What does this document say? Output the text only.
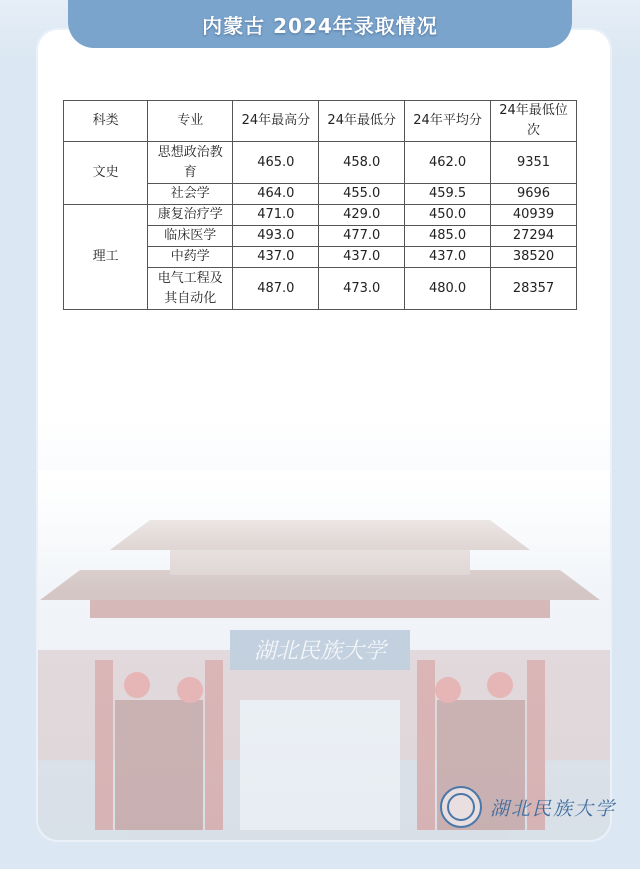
湖北民族大学
内蒙古 2024年录取情况
科类	专业	24年最高分	24年最低分	24年平均分	24年最低位次
文史	思想政治教育	465.0	458.0	462.0	9351
	社会学	464.0	455.0	459.5	9696
理工	康复治疗学	471.0	429.0	450.0	40939
	临床医学	493.0	477.0	485.0	27294
	中药学	437.0	437.0	437.0	38520
	电气工程及其自动化	487.0	473.0	480.0	28357
湖北民族大学
